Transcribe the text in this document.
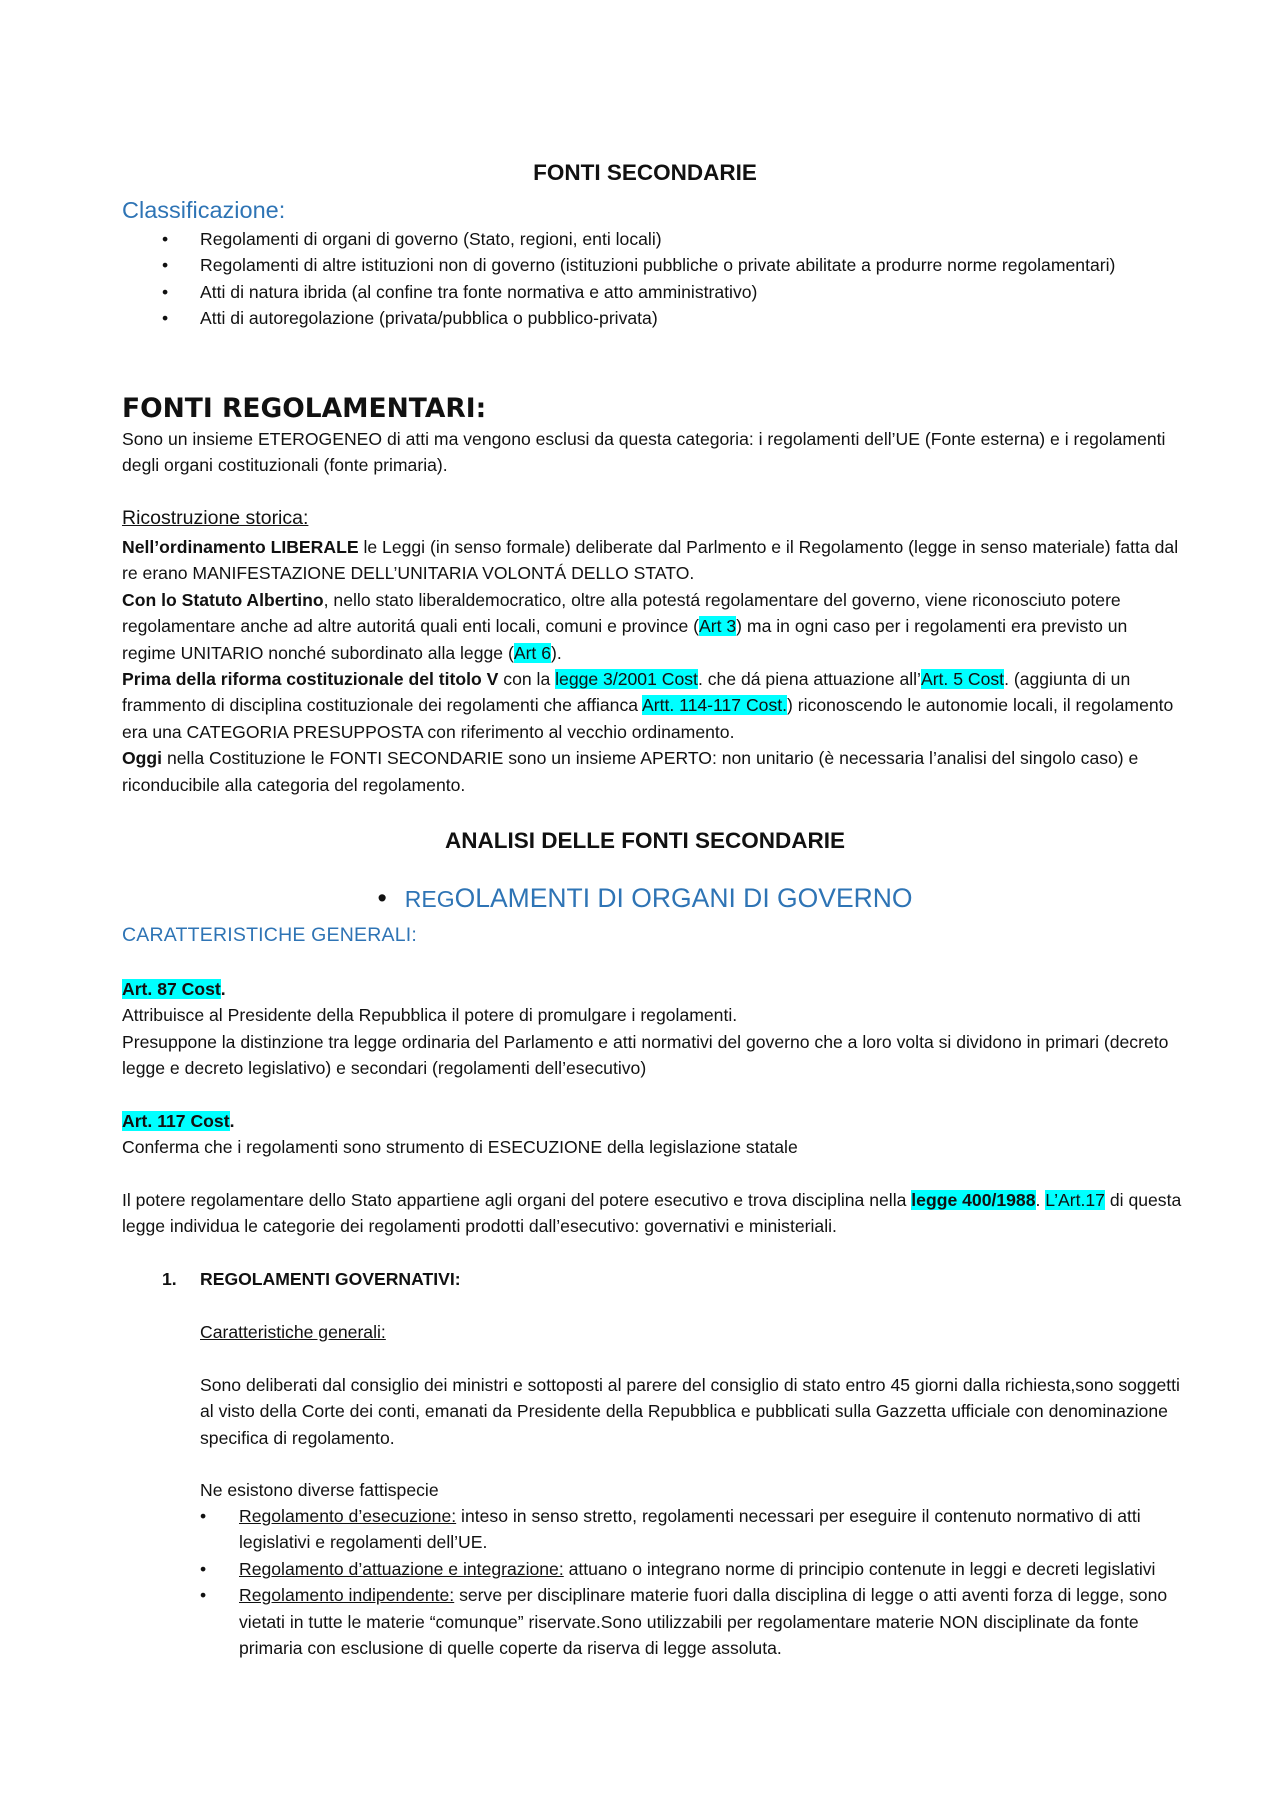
FONTI SECONDARIE
Classificazione:
• Regolamenti di organi di governo (Stato, regioni, enti locali)
• Regolamenti di altre istituzioni non di governo (istituzioni pubbliche o private abilitate a produrre norme regolamentari)
• Atti di natura ibrida (al confine tra fonte normativa e atto amministrativo)
• Atti di autoregolazione (privata/pubblica o pubblico-privata)
FONTI REGOLAMENTARI:
Sono un insieme ETEROGENEO di atti ma vengono esclusi da questa categoria: i regolamenti dell’UE (Fonte esterna) e i regolamenti degli organi costituzionali (fonte primaria).
Ricostruzione storica:
Nell’ordinamento LIBERALE le Leggi (in senso formale) deliberate dal Parlmento e il Regolamento (legge in senso materiale) fatta dal re erano MANIFESTAZIONE DELL’UNITARIA VOLONTÁ DELLO STATO.
Con lo Statuto Albertino, nello stato liberaldemocratico, oltre alla potestá regolamentare del governo, viene riconosciuto potere regolamentare anche ad altre autoritá quali enti locali, comuni e province (Art 3) ma in ogni caso per i regolamenti era previsto un regime UNITARIO nonché subordinato alla legge (Art 6).
Prima della riforma costituzionale del titolo V con la legge 3/2001 Cost. che dá piena attuazione all’Art. 5 Cost. (aggiunta di un frammento di disciplina costituzionale dei regolamenti che affianca Artt. 114-117 Cost.) riconoscendo le autonomie locali, il regolamento era una CATEGORIA PRESUPPOSTA con riferimento al vecchio ordinamento.
Oggi nella Costituzione le FONTI SECONDARIE sono un insieme APERTO: non unitario (è necessaria l’analisi del singolo caso) e riconducibile alla categoria del regolamento.
ANALISI DELLE FONTI SECONDARIE
• REGOLAMENTI DI ORGANI DI GOVERNO
CARATTERISTICHE GENERALI:
Art. 87 Cost.
Attribuisce al Presidente della Repubblica il potere di promulgare i regolamenti.
Presuppone la distinzione tra legge ordinaria del Parlamento e atti normativi del governo che a loro volta si dividono in primari (decreto legge e decreto legislativo) e secondari (regolamenti dell’esecutivo)
Art. 117 Cost.
Conferma che i regolamenti sono strumento di ESECUZIONE della legislazione statale
Il potere regolamentare dello Stato appartiene agli organi del potere esecutivo e trova disciplina nella legge 400/1988. L’Art.17 di questa legge individua le categorie dei regolamenti prodotti dall’esecutivo: governativi e ministeriali.
1. REGOLAMENTI GOVERNATIVI:
Caratteristiche generali:
Sono deliberati dal consiglio dei ministri e sottoposti al parere del consiglio di stato entro 45 giorni dalla richiesta,sono soggetti al visto della Corte dei conti, emanati da Presidente della Repubblica e pubblicati sulla Gazzetta ufficiale con denominazione specifica di regolamento.
Ne esistono diverse fattispecie
• Regolamento d’esecuzione: inteso in senso stretto, regolamenti necessari per eseguire il contenuto normativo di atti legislativi e regolamenti dell’UE.
• Regolamento d’attuazione e integrazione: attuano o integrano norme di principio contenute in leggi e decreti legislativi
• Regolamento indipendente: serve per disciplinare materie fuori dalla disciplina di legge o atti aventi forza di legge, sono vietati in tutte le materie “comunque” riservate.Sono utilizzabili per regolamentare materie NON disciplinate da fonte primaria con esclusione di quelle coperte da riserva di legge assoluta.
